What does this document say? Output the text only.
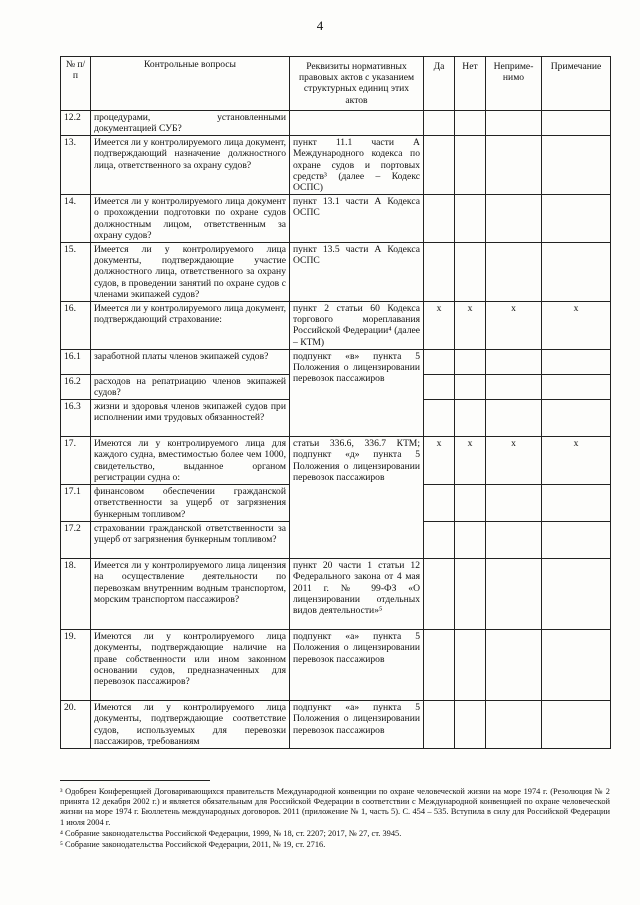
4
№ п/п	Контрольные вопросы	Реквизиты нормативных правовых актов с указанием структурных единиц этих актов	Да	Нет	Неприме-нимо	Примечание
12.2	процедурами, установленными документацией СУБ?					
13.	Имеется ли у контролируемого лица документ, подтверждающий назначение должностного лица, ответственного за охрану судов?	пункт 11.1 части А Международного кодекса по охране судов и портовых средств³ (далее – Кодекс ОСПС)				
14.	Имеется ли у контролируемого лица документ о прохождении подготовки по охране судов должностным лицом, ответственным за охрану судов?	пункт 13.1 части А Кодекса ОСПС				
15.	Имеется ли у контролируемого лица документы, подтверждающие участие должностного лица, ответственного за охрану судов, в проведении занятий по охране судов с членами экипажей судов?	пункт 13.5 части А Кодекса ОСПС				
16.	Имеется ли у контролируемого лица документ, подтверждающий страхование:	пункт 2 статьи 60 Кодекса торгового мореплавания Российской Федерации⁴ (далее – КТМ)	x	x	x	x
16.1	заработной платы членов экипажей судов?	подпункт «в» пункта 5 Положения о лицензировании перевозок пассажиров				
16.2	расходов на репатриацию членов экипажей судов?					
16.3	жизни и здоровья членов экипажей судов при исполнении ими трудовых обязанностей?					
17.	Имеются ли у контролируемого лица для каждого судна, вместимостью более чем 1000, свидетельство, выданное органом регистрации судна о:	статьи 336.6, 336.7 КТМ; подпункт «д» пункта 5 Положения о лицензировании перевозок пассажиров	x	x	x	x
17.1	финансовом обеспечении гражданской ответственности за ущерб от загрязнения бункерным топливом?					
17.2	страховании гражданской ответственности за ущерб от загрязнения бункерным топливом?					
18.	Имеется ли у контролируемого лица лицензия на осуществление деятельности по перевозкам внутренним водным транспортом, морским транспортом пассажиров?	пункт 20 части 1 статьи 12 Федерального закона от 4 мая 2011 г. № 99-ФЗ «О лицензировании отдельных видов деятельности»⁵				
19.	Имеются ли у контролируемого лица документы, подтверждающие наличие на праве собственности или ином законном основании судов, предназначенных для перевозок пассажиров?	подпункт «а» пункта 5 Положения о лицензировании перевозок пассажиров				
20.	Имеются ли у контролируемого лица документы, подтверждающие соответствие судов, используемых для перевозки пассажиров, требованиям	подпункт «а» пункта 5 Положения о лицензировании перевозок пассажиров				

³ Одобрен Конференцией Договаривающихся правительств Международной конвенции по охране человеческой жизни на море 1974 г. (Резолюция № 2 принята 12 декабря 2002 г.) и является обязательным для Российской Федерации в соответствии с Международной конвенцией по охране человеческой жизни на море 1974 г. Бюллетень международных договоров. 2011 (приложение № 1, часть 5). С. 454 – 535. Вступила в силу для Российской Федерации 1 июля 2004 г.

⁴ Собрание законодательства Российской Федерации, 1999, № 18, ст. 2207; 2017, № 27, ст. 3945.

⁵ Собрание законодательства Российской Федерации, 2011, № 19, ст. 2716.
